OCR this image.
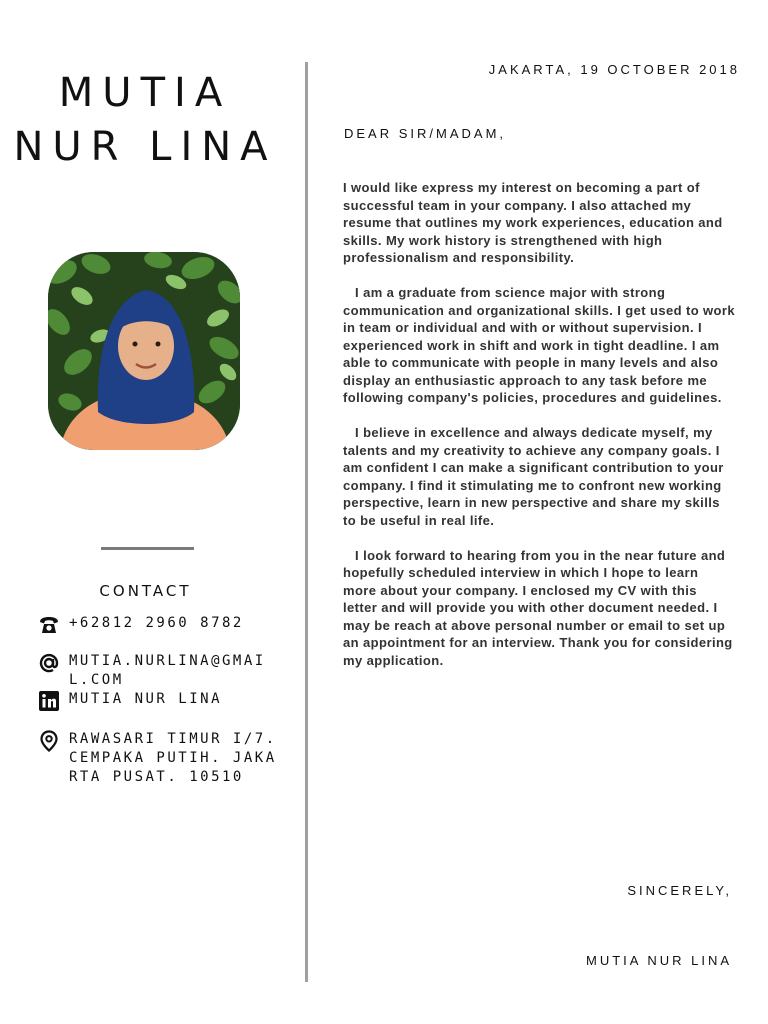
MUTIA
NUR LINA
CONTACT
+62812 2960 8782
MUTIA.NURLINA@GMAIL.COM
MUTIA NUR LINA
RAWASARI TIMUR I/7. CEMPAKA PUTIH. JAKARTA PUSAT. 10510
JAKARTA, 19 OCTOBER 2018
DEAR SIR/MADAM,

I would like express my interest on becoming a part of successful team in your company. I also attached my resume that outlines my work experiences, education and skills. My work history is strengthened with high professionalism and responsibility.

I am a graduate from science major with strong communication and organizational skills. I get used to work in team or individual and with or without supervision. I experienced work in shift and work in tight deadline. I am able to communicate with people in many levels and also display an enthusiastic approach to any task before me following company's policies, procedures and guidelines.

I believe in excellence and always dedicate myself, my talents and my creativity to achieve any company goals. I am confident I can make a significant contribution to your company. I find it stimulating me to confront new working perspective, learn in new perspective and share my skills to be useful in real life.

I look forward to hearing from you in the near future and hopefully scheduled interview in which I hope to learn more about your company. I enclosed my CV with this letter and will provide you with other document needed. I may be reach at above personal number or email to set up an appointment for an interview. Thank you for considering my application.

SINCERELY,
MUTIA NUR LINA
